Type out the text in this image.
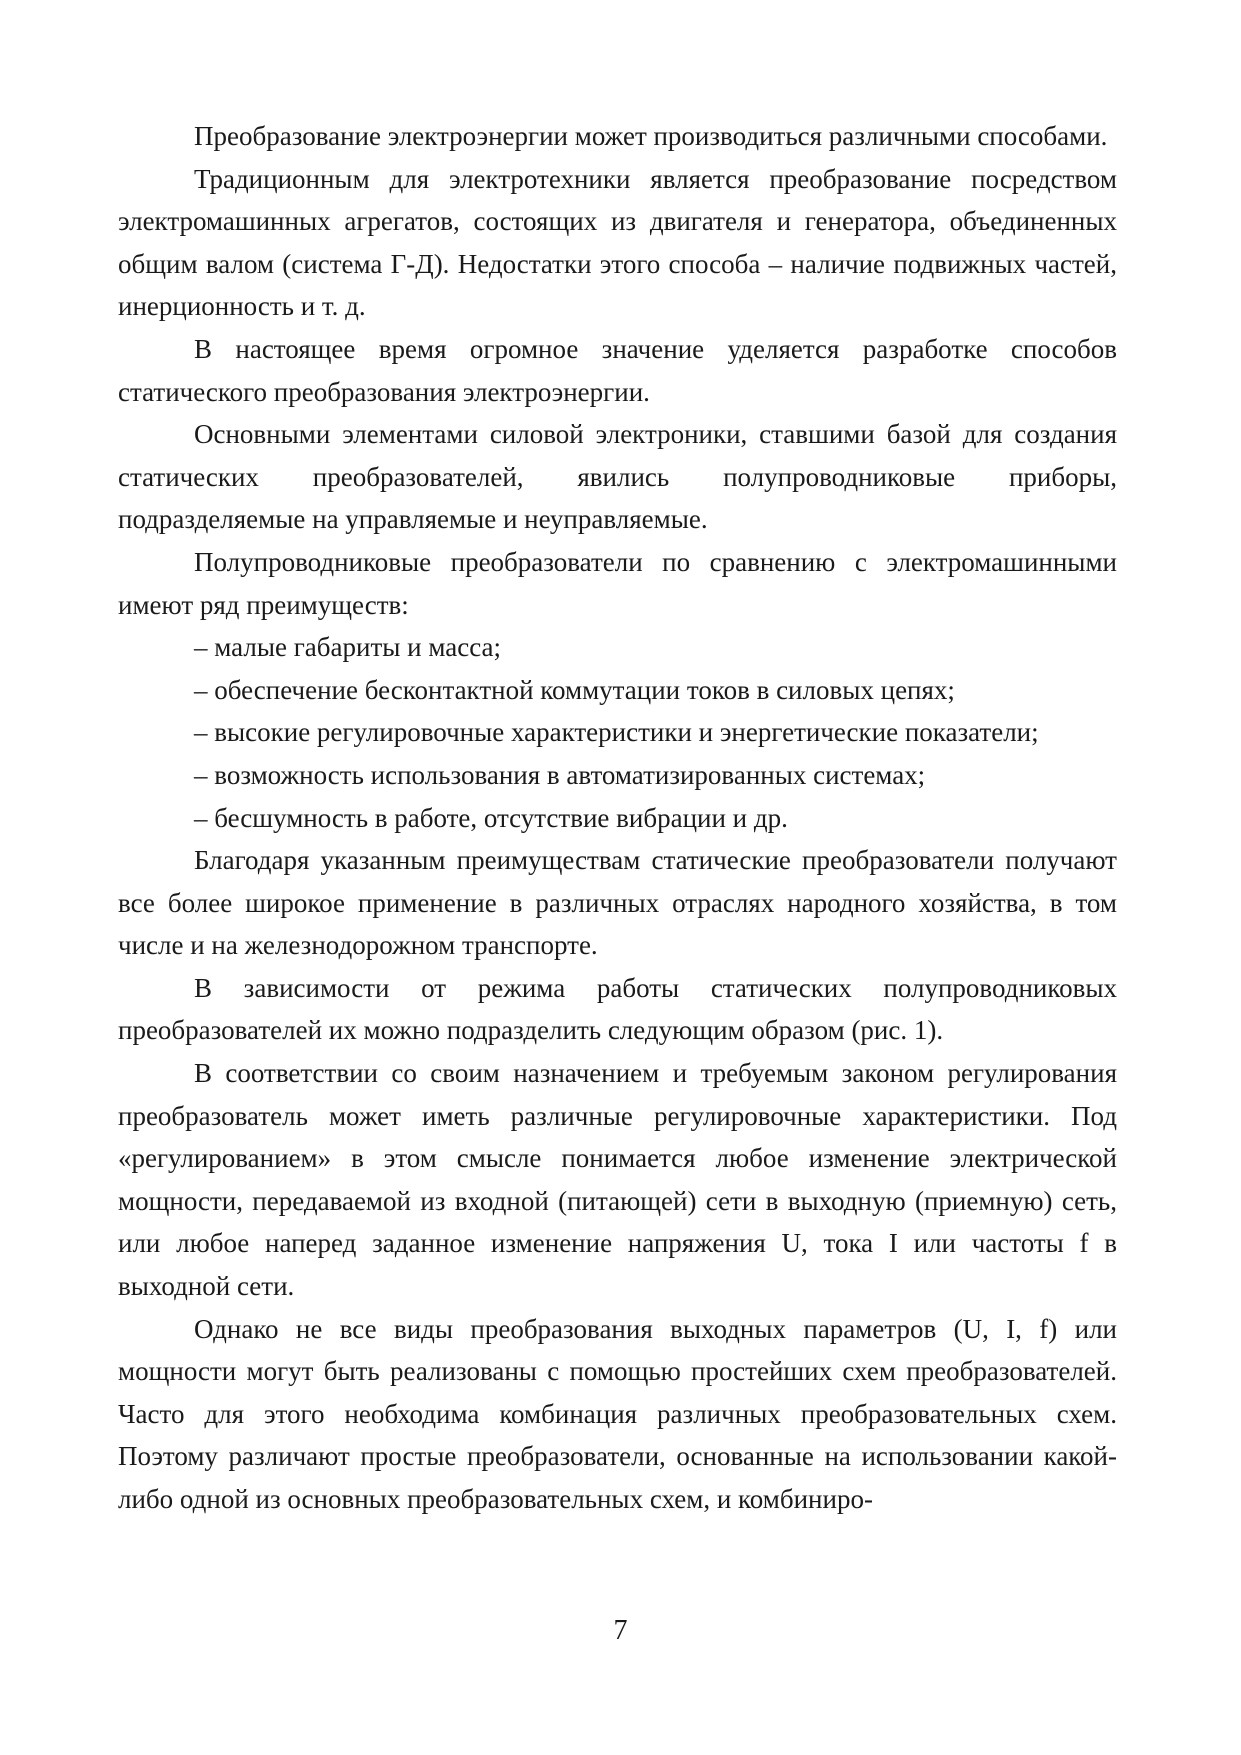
Преобразование электроэнергии может производиться различными способами.

Традиционным для электротехники является преобразование посредством электромашинных агрегатов, состоящих из двигателя и генератора, объединенных общим валом (система Г-Д). Недостатки этого способа – наличие подвижных частей, инерционность и т. д.

В настоящее время огромное значение уделяется разработке способов статического преобразования электроэнергии.

Основными элементами силовой электроники, ставшими базой для создания статических преобразователей, явились полупроводниковые приборы, подразделяемые на управляемые и неуправляемые.

Полупроводниковые преобразователи по сравнению с электромашинными имеют ряд преимуществ:

– малые габариты и масса;

– обеспечение бесконтактной коммутации токов в силовых цепях;

– высокие регулировочные характеристики и энергетические показатели;

– возможность использования в автоматизированных системах;

– бесшумность в работе, отсутствие вибрации и др.

Благодаря указанным преимуществам статические преобразователи получают все более широкое применение в различных отраслях народного хозяйства, в том числе и на железнодорожном транспорте.

В зависимости от режима работы статических полупроводниковых преобразователей их можно подразделить следующим образом (рис. 1).

В соответствии со своим назначением и требуемым законом регулирования преобразователь может иметь различные регулировочные характеристики. Под «регулированием» в этом смысле понимается любое изменение электрической мощности, передаваемой из входной (питающей) сети в выходную (приемную) сеть, или любое наперед заданное изменение напряжения U, тока I или частоты f в выходной сети.

Однако не все виды преобразования выходных параметров (U, I, f) или мощности могут быть реализованы с помощью простейших схем преобразователей. Часто для этого необходима комбинация различных преобразовательных схем. Поэтому различают простые преобразователи, основанные на использовании какой-либо одной из основных преобразовательных схем, и комбиниро-

7
